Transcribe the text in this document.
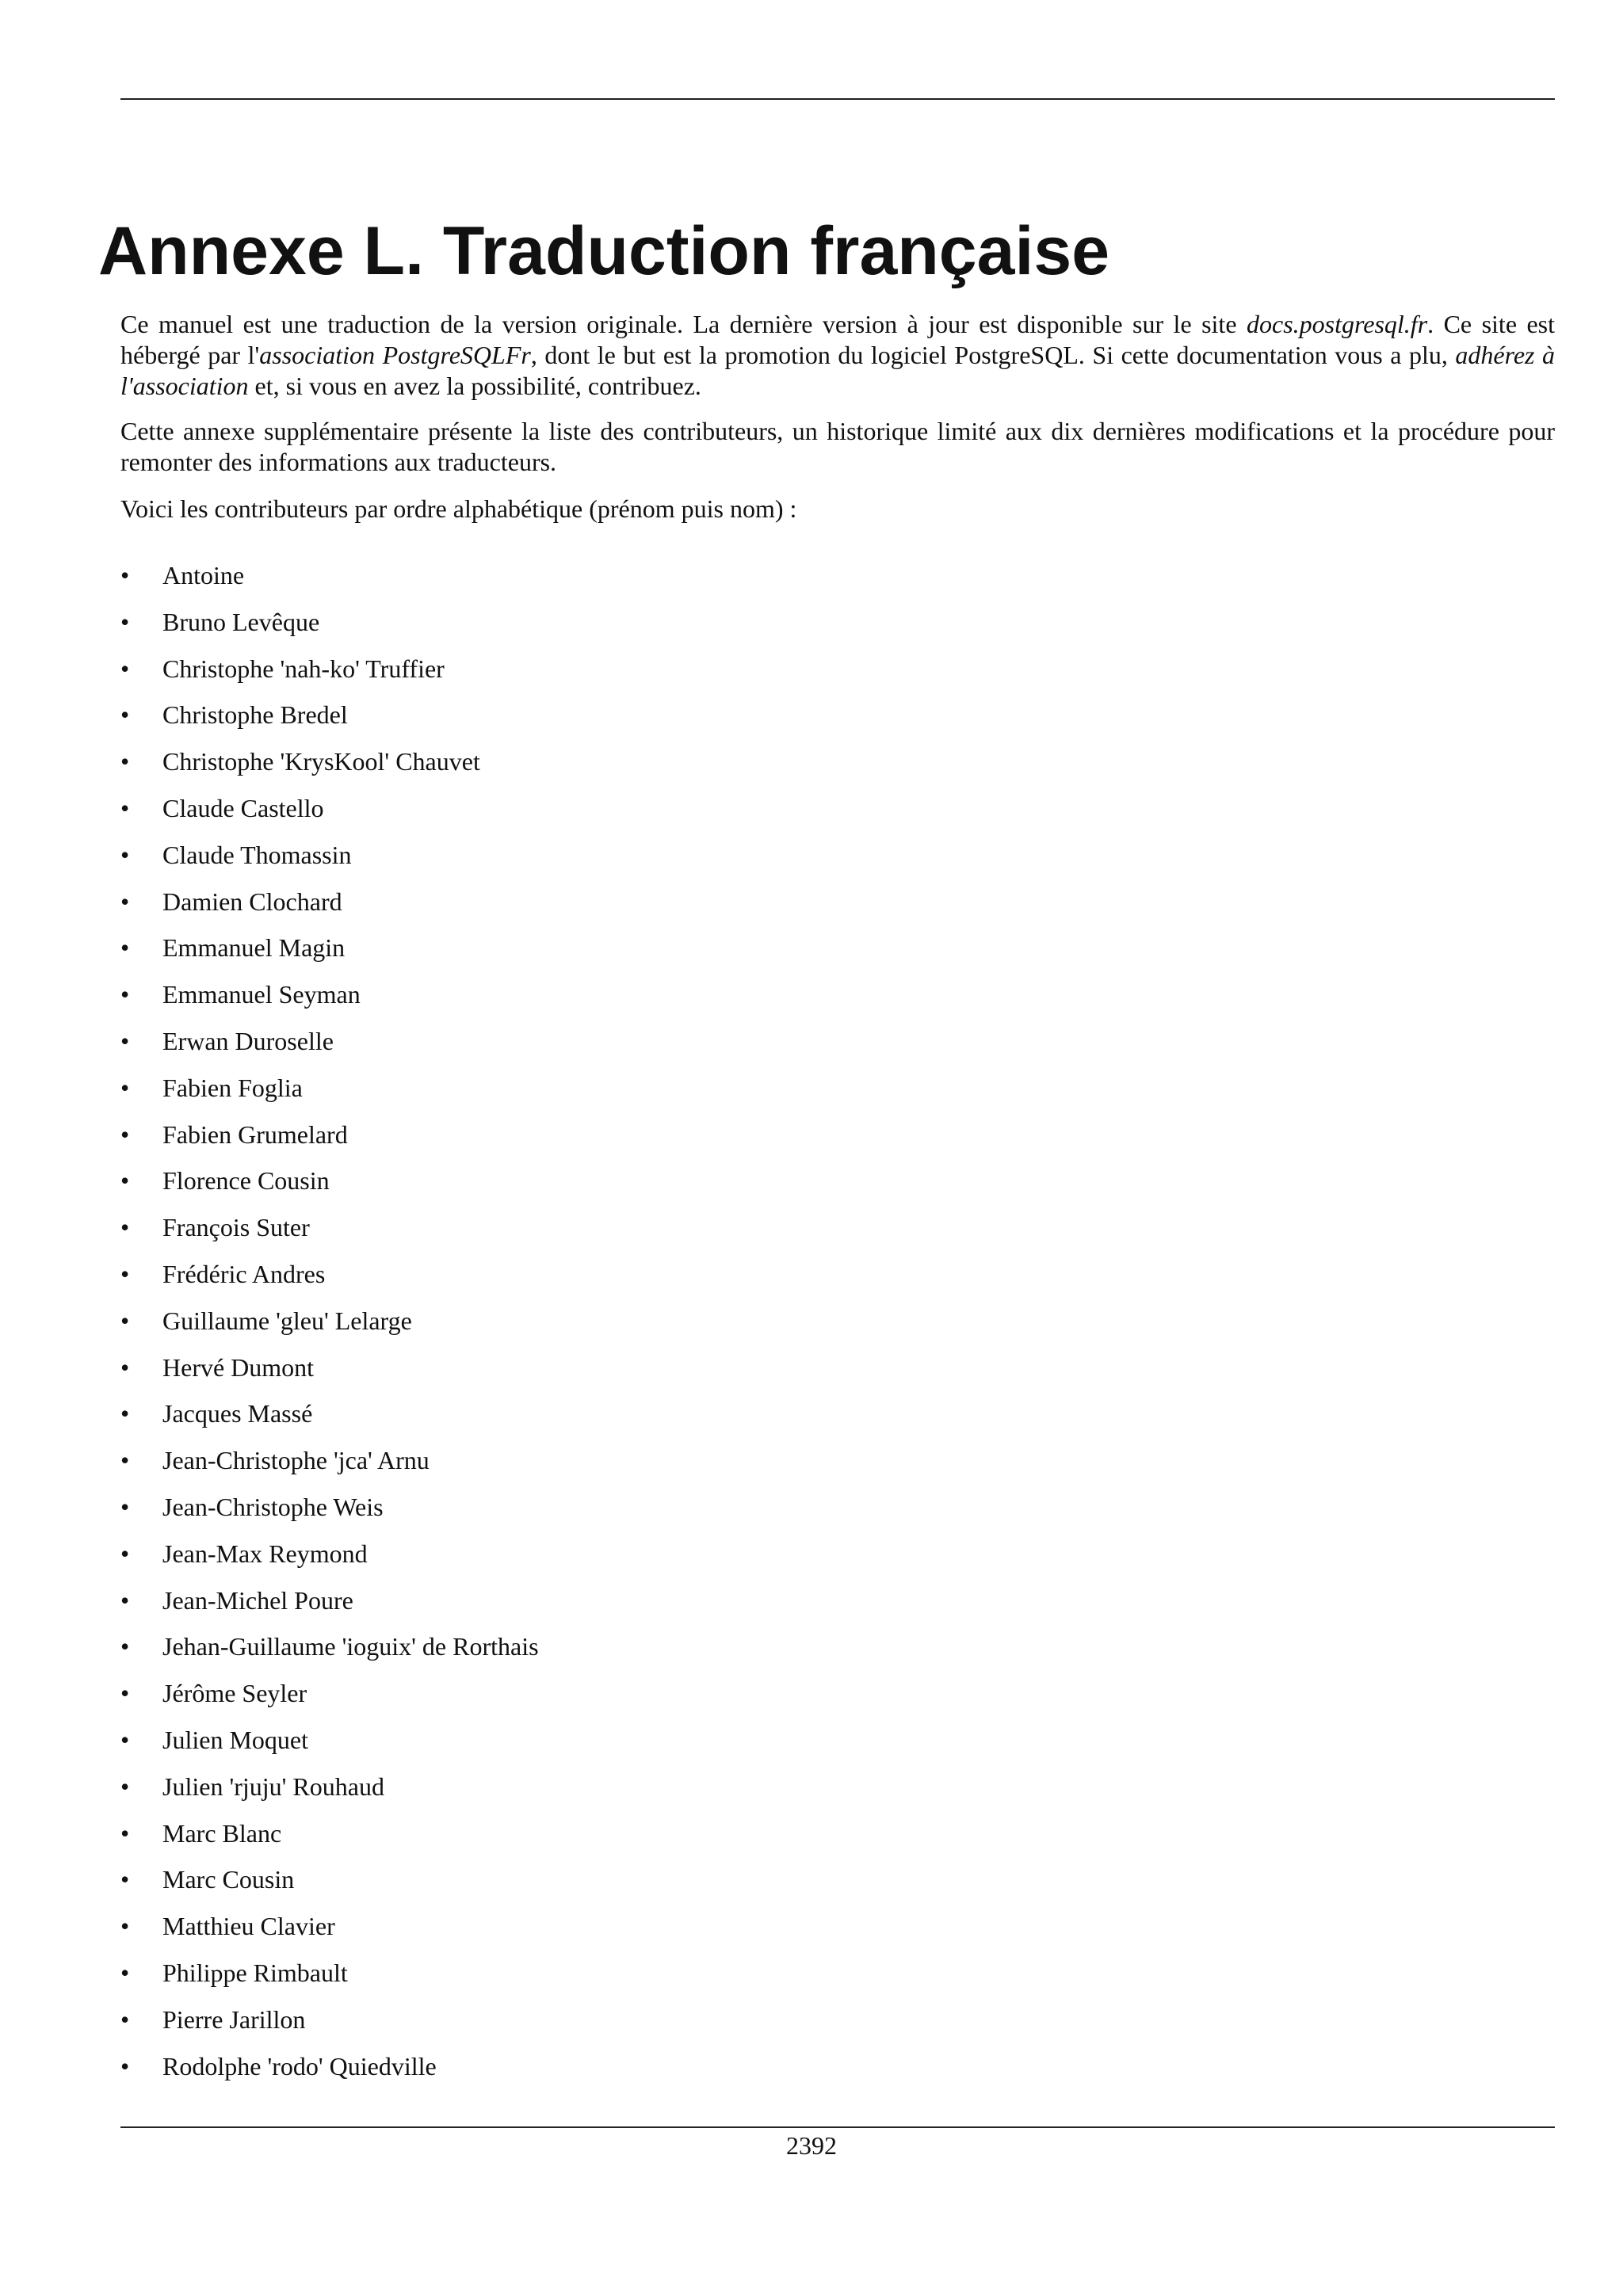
Annexe L. Traduction française

Ce manuel est une traduction de la version originale. La dernière version à jour est disponible sur le site docs.postgresql.fr. Ce site est hébergé par l'association PostgreSQLFr, dont le but est la promotion du logiciel PostgreSQL. Si cette documentation vous a plu, adhérez à l'association et, si vous en avez la possibilité, contribuez.

Cette annexe supplémentaire présente la liste des contributeurs, un historique limité aux dix dernières modifications et la procédure pour remonter des informations aux traducteurs.

Voici les contributeurs par ordre alphabétique (prénom puis nom) :

• Antoine
• Bruno Levêque
• Christophe 'nah-ko' Truffier
• Christophe Bredel
• Christophe 'KrysKool' Chauvet
• Claude Castello
• Claude Thomassin
• Damien Clochard
• Emmanuel Magin
• Emmanuel Seyman
• Erwan Duroselle
• Fabien Foglia
• Fabien Grumelard
• Florence Cousin
• François Suter
• Frédéric Andres
• Guillaume 'gleu' Lelarge
• Hervé Dumont
• Jacques Massé
• Jean-Christophe 'jca' Arnu
• Jean-Christophe Weis
• Jean-Max Reymond
• Jean-Michel Poure
• Jehan-Guillaume 'ioguix' de Rorthais
• Jérôme Seyler
• Julien Moquet
• Julien 'rjuju' Rouhaud
• Marc Blanc
• Marc Cousin
• Matthieu Clavier
• Philippe Rimbault
• Pierre Jarillon
• Rodolphe 'rodo' Quiedville
2392
